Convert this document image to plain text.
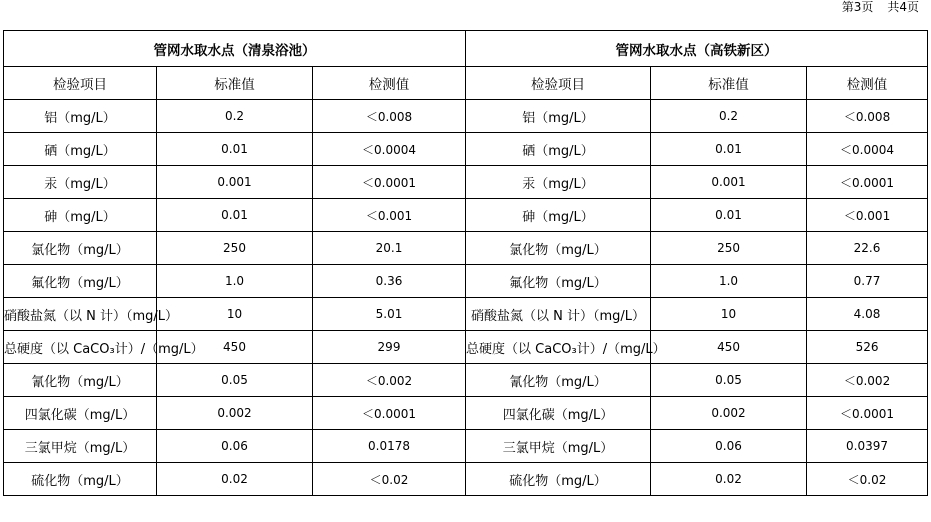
第3页 共4页
管网水取水点（清泉浴池）			管网水取水点（高铁新区）		
检验项目	标准值	检测值	检验项目	标准值	检测值
铝（mg/L）	0.2	＜0.008	铝（mg/L）	0.2	＜0.008
硒（mg/L）	0.01	＜0.0004	硒（mg/L）	0.01	＜0.0004
汞（mg/L）	0.001	＜0.0001	汞（mg/L）	0.001	＜0.0001
砷（mg/L）	0.01	＜0.001	砷（mg/L）	0.01	＜0.001
氯化物（mg/L）	250	20.1	氯化物（mg/L）	250	22.6
氟化物（mg/L）	1.0	0.36	氟化物（mg/L）	1.0	0.77
硝酸盐氮（以 N 计）（mg/L）	10	5.01	硝酸盐氮（以 N 计）（mg/L）	10	4.08
总硬度（以 CaCO₃计）/（mg/L）	450	299	总硬度（以 CaCO₃计）/（mg/L）	450	526
氰化物（mg/L）	0.05	＜0.002	氰化物（mg/L）	0.05	＜0.002
四氯化碳（mg/L）	0.002	＜0.0001	四氯化碳（mg/L）	0.002	＜0.0001
三氯甲烷（mg/L）	0.06	0.0178	三氯甲烷（mg/L）	0.06	0.0397
硫化物（mg/L）	0.02	＜0.02	硫化物（mg/L）	0.02	＜0.02
